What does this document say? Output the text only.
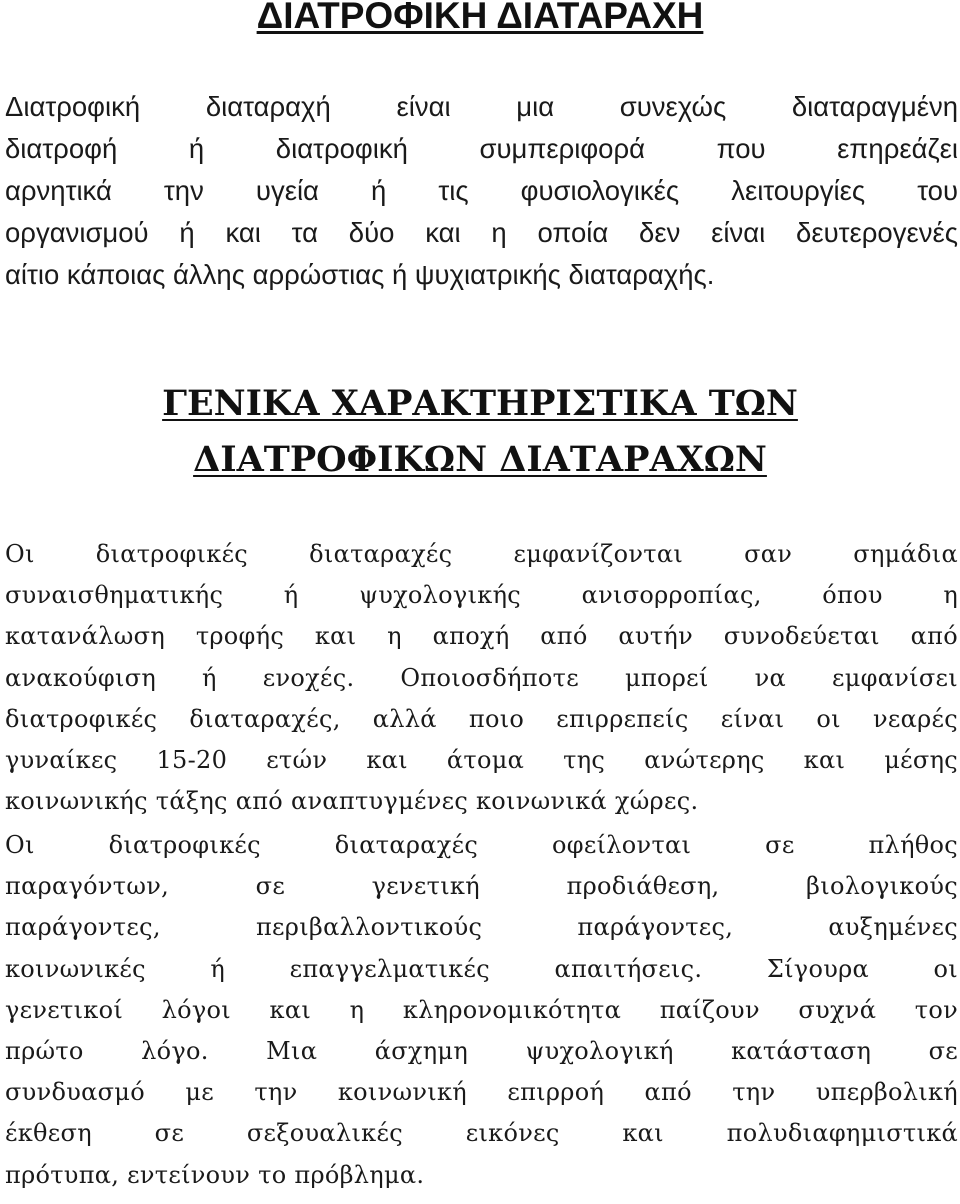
ΔΙΑΤΡΟΦΙΚΗ ΔΙΑΤΑΡΑΧΗ
Διατροφική διαταραχή είναι μια συνεχώς διαταραγμένη
διατροφή ή διατροφική συμπεριφορά που επηρεάζει
αρνητικά την υγεία ή τις φυσιολογικές λειτουργίες του
οργανισμού ή και τα δύο και η οποία δεν είναι δευτερογενές
αίτιο κάποιας άλλης αρρώστιας ή ψυχιατρικής διαταραχής.
ΓΕΝΙΚΑ ΧΑΡΑΚΤΗΡΙΣΤΙΚΑ ΤΩΝ
ΔΙΑΤΡΟΦΙΚΩΝ ΔΙΑΤΑΡΑΧΩΝ
Οι διατροφικές διαταραχές εμφανίζονται σαν σημάδια
συναισθηματικής ή ψυχολογικής ανισορροπίας, όπου η
κατανάλωση τροφής και η αποχή από αυτήν συνοδεύεται από
ανακούφιση ή ενοχές. Οποιοσδήποτε μπορεί να εμφανίσει
διατροφικές διαταραχές, αλλά ποιο επιρρεπείς είναι οι νεαρές
γυναίκες 15-20 ετών και άτομα της ανώτερης και μέσης
κοινωνικής τάξης από αναπτυγμένες κοινωνικά χώρες.
Οι διατροφικές διαταραχές οφείλονται σε πλήθος
παραγόντων, σε γενετική προδιάθεση, βιολογικούς
παράγοντες, περιβαλλοντικούς παράγοντες, αυξημένες
κοινωνικές ή επαγγελματικές απαιτήσεις. Σίγουρα οι
γενετικοί λόγοι και η κληρονομικότητα παίζουν συχνά τον
πρώτο λόγο. Μια άσχημη ψυχολογική κατάσταση σε
συνδυασμό με την κοινωνική επιρροή από την υπερβολική
έκθεση σε σεξουαλικές εικόνες και πολυδιαφημιστικά
πρότυπα, εντείνουν το πρόβλημα.
